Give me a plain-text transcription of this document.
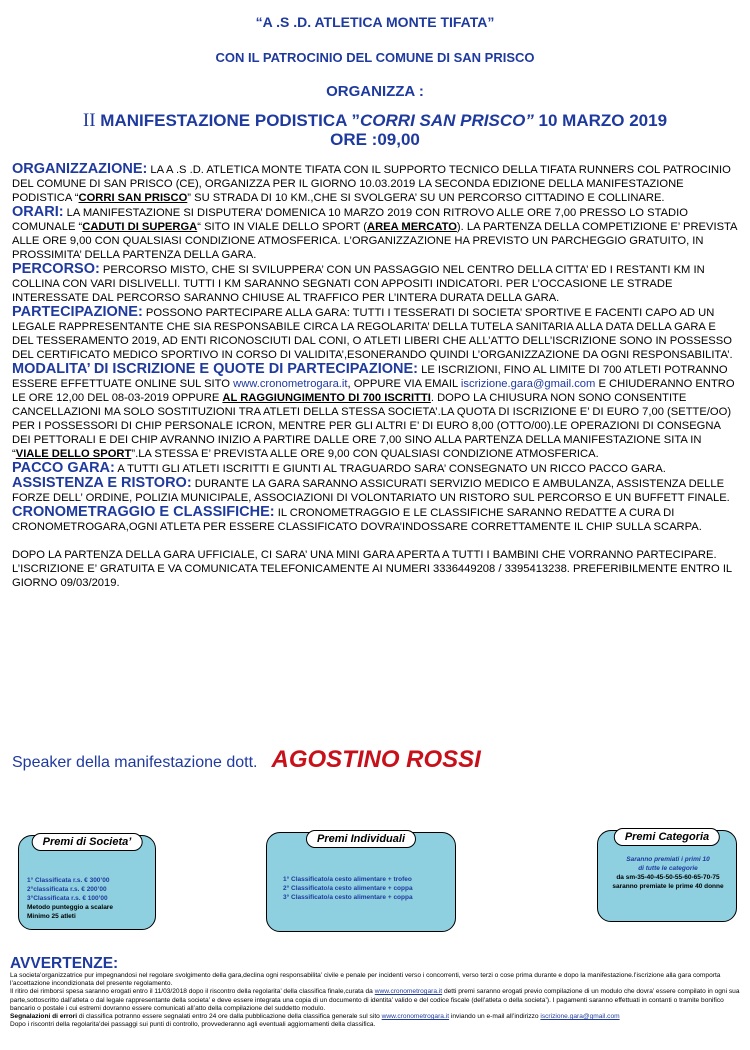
“A .S .D. ATLETICA MONTE TIFATA”
CON IL PATROCINIO DEL COMUNE DI SAN PRISCO
ORGANIZZA :
II MANIFESTAZIONE PODISTICA ”CORRI SAN PRISCO” 10 MARZO 2019
ORE :09,00

ORGANIZZAZIONE: LA A .S .D. ATLETICA MONTE TIFATA CON IL SUPPORTO TECNICO DELLA TIFATA RUNNERS COL PATROCINIO DEL COMUNE DI SAN PRISCO (CE), ORGANIZZA PER IL GIORNO 10.03.2019 LA SECONDA EDIZIONE DELLA MANIFESTAZIONE PODISTICA “CORRI SAN PRISCO” SU STRADA DI 10 KM.,CHE SI SVOLGERA’ SU UN PERCORSO CITTADINO E COLLINARE.

ORARI: LA MANIFESTAZIONE SI DISPUTERA’ DOMENICA 10 MARZO 2019 CON RITROVO ALLE ORE 7,00 PRESSO LO STADIO COMUNALE “CADUTI DI SUPERGA“ SITO IN VIALE DELLO SPORT (AREA MERCATO). LA PARTENZA DELLA COMPETIZIONE E’ PREVISTA ALLE ORE 9,00 CON QUALSIASI CONDIZIONE ATMOSFERICA. L’ORGANIZZAZIONE HA PREVISTO UN PARCHEGGIO GRATUITO, IN PROSSIMITA’ DELLA PARTENZA DELLA GARA.

PERCORSO: PERCORSO MISTO, CHE SI SVILUPPERA’ CON UN PASSAGGIO NEL CENTRO DELLA CITTA’ ED I RESTANTI KM IN COLLINA CON VARI DISLIVELLI. TUTTI I KM SARANNO SEGNATI CON APPOSITI INDICATORI. PER L’OCCASIONE LE STRADE INTERESSATE DAL PERCORSO SARANNO CHIUSE AL TRAFFICO PER L’INTERA DURATA DELLA GARA.

PARTECIPAZIONE: POSSONO PARTECIPARE ALLA GARA: TUTTI I TESSERATI DI SOCIETA’ SPORTIVE E FACENTI CAPO AD UN LEGALE RAPPRESENTANTE CHE SIA RESPONSABILE CIRCA LA REGOLARITA’ DELLA TUTELA SANITARIA ALLA DATA DELLA GARA E DEL TESSERAMENTO 2019, AD ENTI RICONOSCIUTI DAL CONI, O ATLETI LIBERI CHE ALL’ATTO DELL’ISCRIZIONE SONO IN POSSESSO DEL CERTIFICATO MEDICO SPORTIVO IN CORSO DI VALIDITA’,ESONERANDO QUINDI L’ORGANIZZAZIONE DA OGNI RESPONSABILITA’.

MODALITA’ DI ISCRIZIONE E QUOTE DI PARTECIPAZIONE: LE ISCRIZIONI, FINO AL LIMITE DI 700 ATLETI POTRANNO ESSERE EFFETTUATE ONLINE SUL SITO www.cronometrogara.it, OPPURE VIA EMAIL iscrizione.gara@gmail.com E CHIUDERANNO ENTRO LE ORE 12,00 DEL 08-03-2019 OPPURE AL RAGGIUNGIMENTO DI 700 ISCRITTI. DOPO LA CHIUSURA NON SONO CONSENTITE CANCELLAZIONI MA SOLO SOSTITUZIONI TRA ATLETI DELLA STESSA SOCIETA’.LA QUOTA DI ISCRIZIONE E’ DI EURO 7,00 (SETTE/OO) PER I POSSESSORI DI CHIP PERSONALE ICRON, MENTRE PER GLI ALTRI E’ DI EURO 8,00 (OTTO/00).LE OPERAZIONI DI CONSEGNA DEI PETTORALI E DEI CHIP AVRANNO INIZIO A PARTIRE DALLE ORE 7,00 SINO ALLA PARTENZA DELLA MANIFESTAZIONE SITA IN “VIALE DELLO SPORT”.LA STESSA E’ PREVISTA ALLE ORE 9,00 CON QUALSIASI CONDIZIONE ATMOSFERICA.

PACCO GARA: A TUTTI GLI ATLETI ISCRITTI E GIUNTI AL TRAGUARDO SARA’ CONSEGNATO UN RICCO PACCO GARA.

ASSISTENZA E RISTORO: DURANTE LA GARA SARANNO ASSICURATI SERVIZIO MEDICO E AMBULANZA, ASSISTENZA DELLE FORZE DELL’ ORDINE, POLIZIA MUNICIPALE, ASSOCIAZIONI DI VOLONTARIATO UN RISTORO SUL PERCORSO E UN BUFFETT FINALE.

CRONOMETRAGGIO E CLASSIFICHE: IL CRONOMETRAGGIO E LE CLASSIFICHE SARANNO REDATTE A CURA DI CRONOMETROGARA,OGNI ATLETA PER ESSERE CLASSIFICATO DOVRA’INDOSSARE CORRETTAMENTE IL CHIP SULLA SCARPA.

DOPO LA PARTENZA DELLA GARA UFFICIALE, CI SARA’ UNA MINI GARA APERTA A TUTTI I BAMBINI CHE VORRANNO PARTECIPARE. L’ISCRIZIONE E’ GRATUITA E VA COMUNICATA TELEFONICAMENTE AI NUMERI 3336449208 / 3395413238. PREFERIBILMENTE ENTRO IL GIORNO 09/03/2019.

Speaker della manifestazione dott. AGOSTINO ROSSI
Premi di Societa’
1° Classificata r.s. € 300’00
2°classificata r.s. € 200’00
3°Classificata r.s. € 100’00
Metodo punteggio a scalare
Minimo 25 atleti
Premi Individuali
1° Classificato/a cesto alimentare + trofeo
2° Classificato/a cesto alimentare + coppa
3° Classificato/a cesto alimentare + coppa
Premi Categoria
Saranno premiati i primi 10
di tutte le categorie
da sm-35-40-45-50-55-60-65-70-75
saranno premiate le prime 40 donne
AVVERTENZE:

La societa’organizzatrice pur impegnandosi nel regolare svolgimento della gara,declina ogni responsabilita’ civile e penale per incidenti verso i concorrenti, verso terzi o cose prima durante e dopo la manifestazione.l’iscrizione alla gara comporta l’accettazione incondizionata del presente regolamento.

Il ritiro dei rimborsi spesa saranno erogati entro il 11/03/2018 dopo il riscontro della regolarita’ della classifica finale,curata da www.cronometrogara.it detti premi saranno erogati previo compilazione di un modulo che dovra’ essere compilato in ogni sua parte,sottoscritto dall’atleta o dal legale rappresentante della societa’ e deve essere integrata una copia di un documento di identita’ valido e del codice fiscale (dell’atleta o della societa’). I pagamenti saranno effettuati in contanti o tramite bonifico bancario o postale i cui estremi dovranno essere comunicati all’atto della compilazione del suddetto modulo.

Segnalazioni di errori di classifica potranno essere segnalati entro 24 ore dalla pubblicazione della classifica generale sul sito www.cronometrogara.it inviando un e-mail all’indirizzo iscrizione.gara@gmail.com

Dopo i riscontri della regolarita’dei passaggi sui punti di controllo, provvederanno agli eventuali aggiornamenti della classifica.
